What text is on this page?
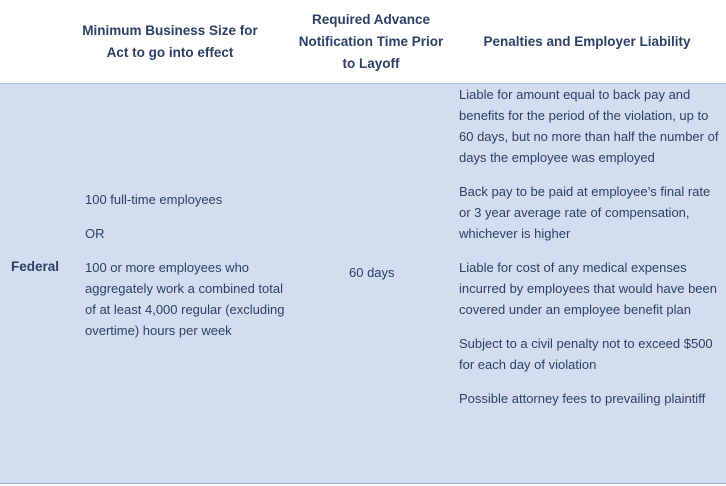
Minimum Business Size for Act to go into effect
Required Advance Notification Time Prior to Layoff
Penalties and Employer Liability
Federal

100 full-time employees

OR

100 or more employees who aggregately work a combined total of at least 4,000 regular (excluding overtime) hours per week

60 days

Liable for amount equal to back pay and benefits for the period of the violation, up to 60 days, but no more than half the number of days the employee was employed

Back pay to be paid at employee’s final rate or 3 year average rate of compensation, whichever is higher

Liable for cost of any medical expenses incurred by employees that would have been covered under an employee benefit plan

Subject to a civil penalty not to exceed $500 for each day of violation

Possible attorney fees to prevailing plaintiff
